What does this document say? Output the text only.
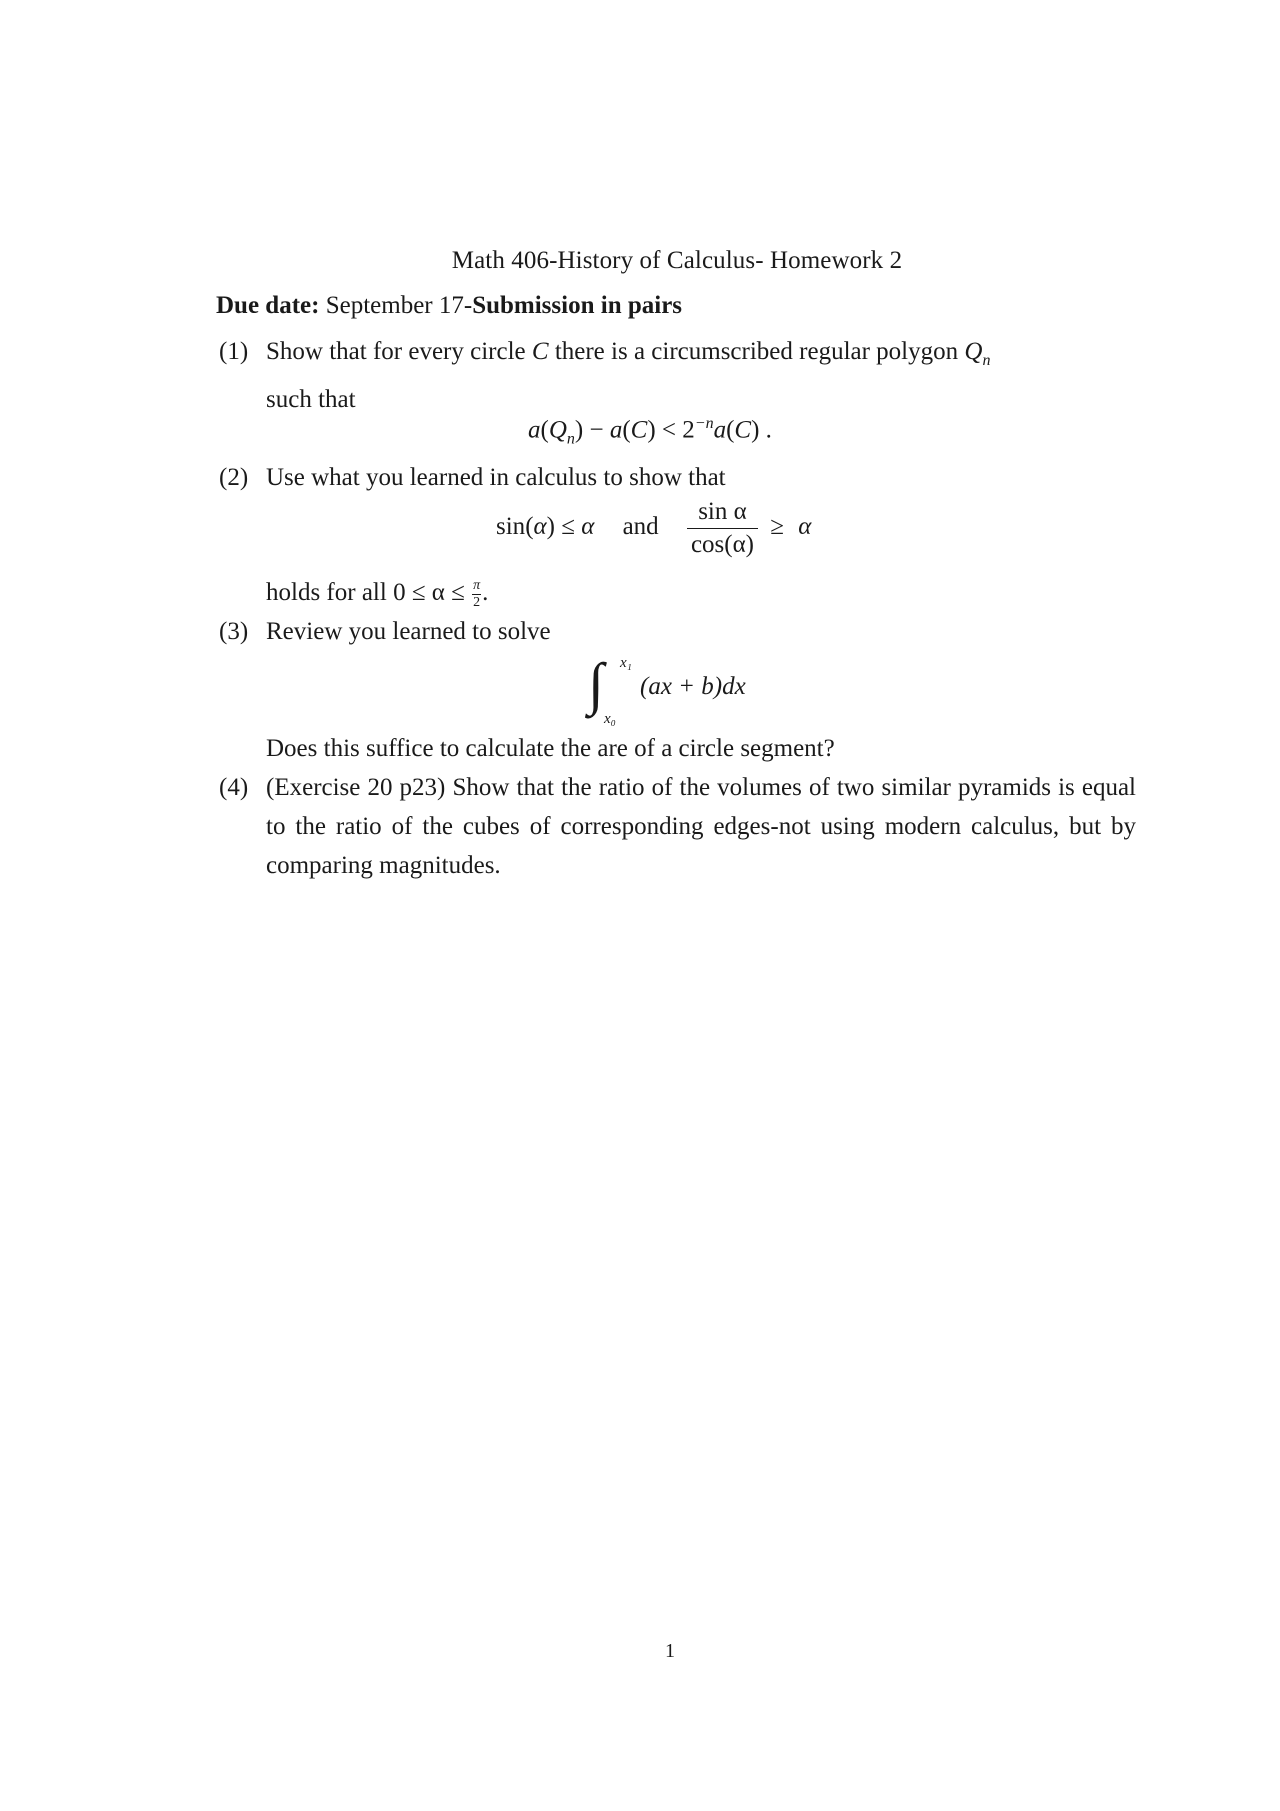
Math 406-History of Calculus- Homework 2
Due date: September 17-Submission in pairs
(1) Show that for every circle C there is a circumscribed regular polygon $Q_n$
such that
$a(Q_n) - a(C) < 2^{-n}a(C)$ .
(2) Use what you learned in calculus to show that
sin(α) ≤ α and $\frac{\text{sin α}}{\cos(\alpha)} \ge \alpha$
holds for all $0 \le \alpha \le \frac{\pi}{2}$ .
(3) Review you learned to solve
∫ x₁
x₀
(ax + b)dx
Does this suffice to calculate the are of a circle segment?
(4) (Exercise 20 p23) Show that the ratio of the volumes of two similar pyramids is equal to the ratio of the cubes of corresponding edges-not using modern calculus, but by comparing magnitudes.
1
